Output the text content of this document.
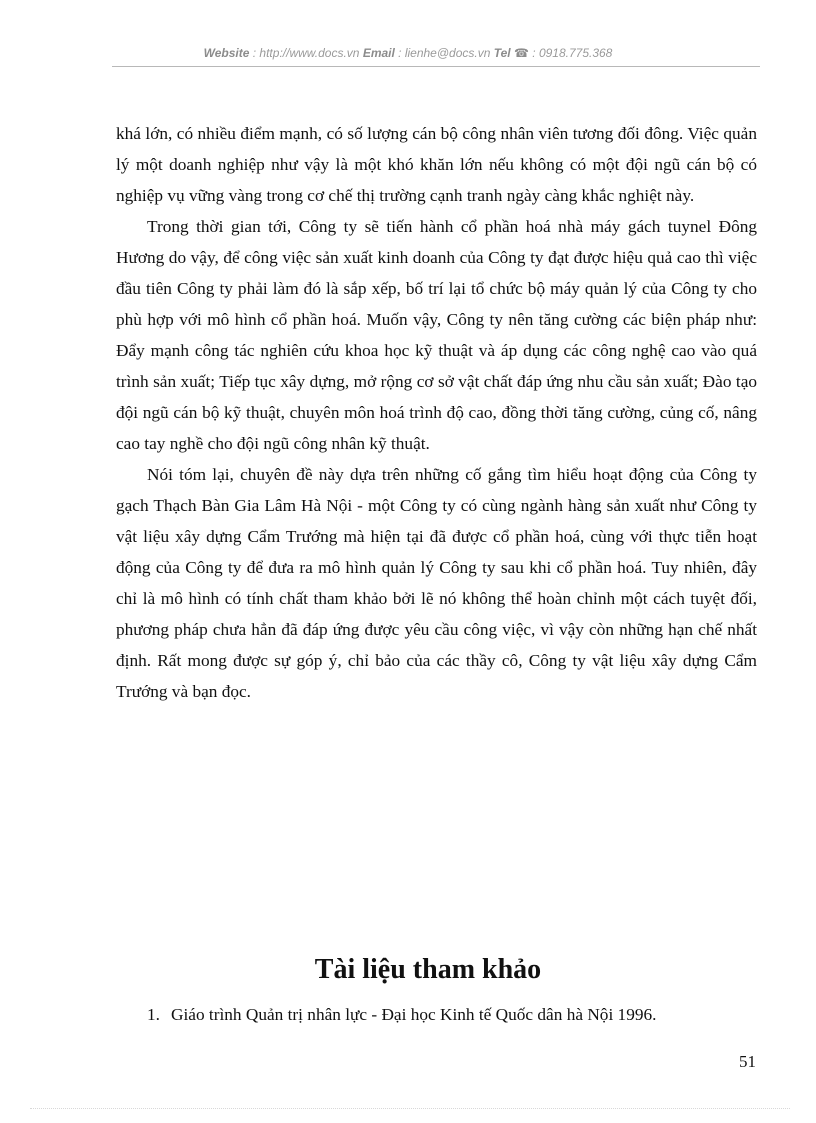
Website : http://www.docs.vn Email : lienhe@docs.vn Tel ☎ : 0918.775.368

khá lớn, có nhiều điểm mạnh, có số lượng cán bộ công nhân viên tương đối đông. Việc quản lý một doanh nghiệp như vậy là một khó khăn lớn nếu không có một đội ngũ cán bộ có nghiệp vụ vững vàng trong cơ chế thị trường cạnh tranh ngày càng khắc nghiệt này.

Trong thời gian tới, Công ty sẽ tiến hành cổ phần hoá nhà máy gách tuynel Đông Hương do vậy, để công việc sản xuất kinh doanh của Công ty đạt được hiệu quả cao thì việc đầu tiên Công ty phải làm đó là sắp xếp, bố trí lại tổ chức bộ máy quản lý của Công ty cho phù hợp với mô hình cổ phần hoá. Muốn vậy, Công ty nên tăng cường các biện pháp như: Đẩy mạnh công tác nghiên cứu khoa học kỹ thuật và áp dụng các công nghệ cao vào quá trình sản xuất; Tiếp tục xây dựng, mở rộng cơ sở vật chất đáp ứng nhu cầu sản xuất; Đào tạo đội ngũ cán bộ kỹ thuật, chuyên môn hoá trình độ cao, đồng thời tăng cường, củng cố, nâng cao tay nghề cho đội ngũ công nhân kỹ thuật.

Nói tóm lại, chuyên đề này dựa trên những cố gắng tìm hiểu hoạt động của Công ty gạch Thạch Bàn Gia Lâm Hà Nội - một Công ty có cùng ngành hàng sản xuất như Công ty vật liệu xây dựng Cẩm Trướng mà hiện tại đã được cổ phần hoá, cùng với thực tiễn hoạt động của Công ty để đưa ra mô hình quản lý Công ty sau khi cổ phần hoá. Tuy nhiên, đây chỉ là mô hình có tính chất tham khảo bởi lẽ nó không thể hoàn chỉnh một cách tuyệt đối, phương pháp chưa hẳn đã đáp ứng được yêu cầu công việc, vì vậy còn những hạn chế nhất định. Rất mong được sự góp ý, chỉ bảo của các thầy cô, Công ty vật liệu xây dựng Cẩm Trướng và bạn đọc.

Tài liệu tham khảo
1. Giáo trình Quản trị nhân lực - Đại học Kinh tế Quốc dân hà Nội 1996.
51
